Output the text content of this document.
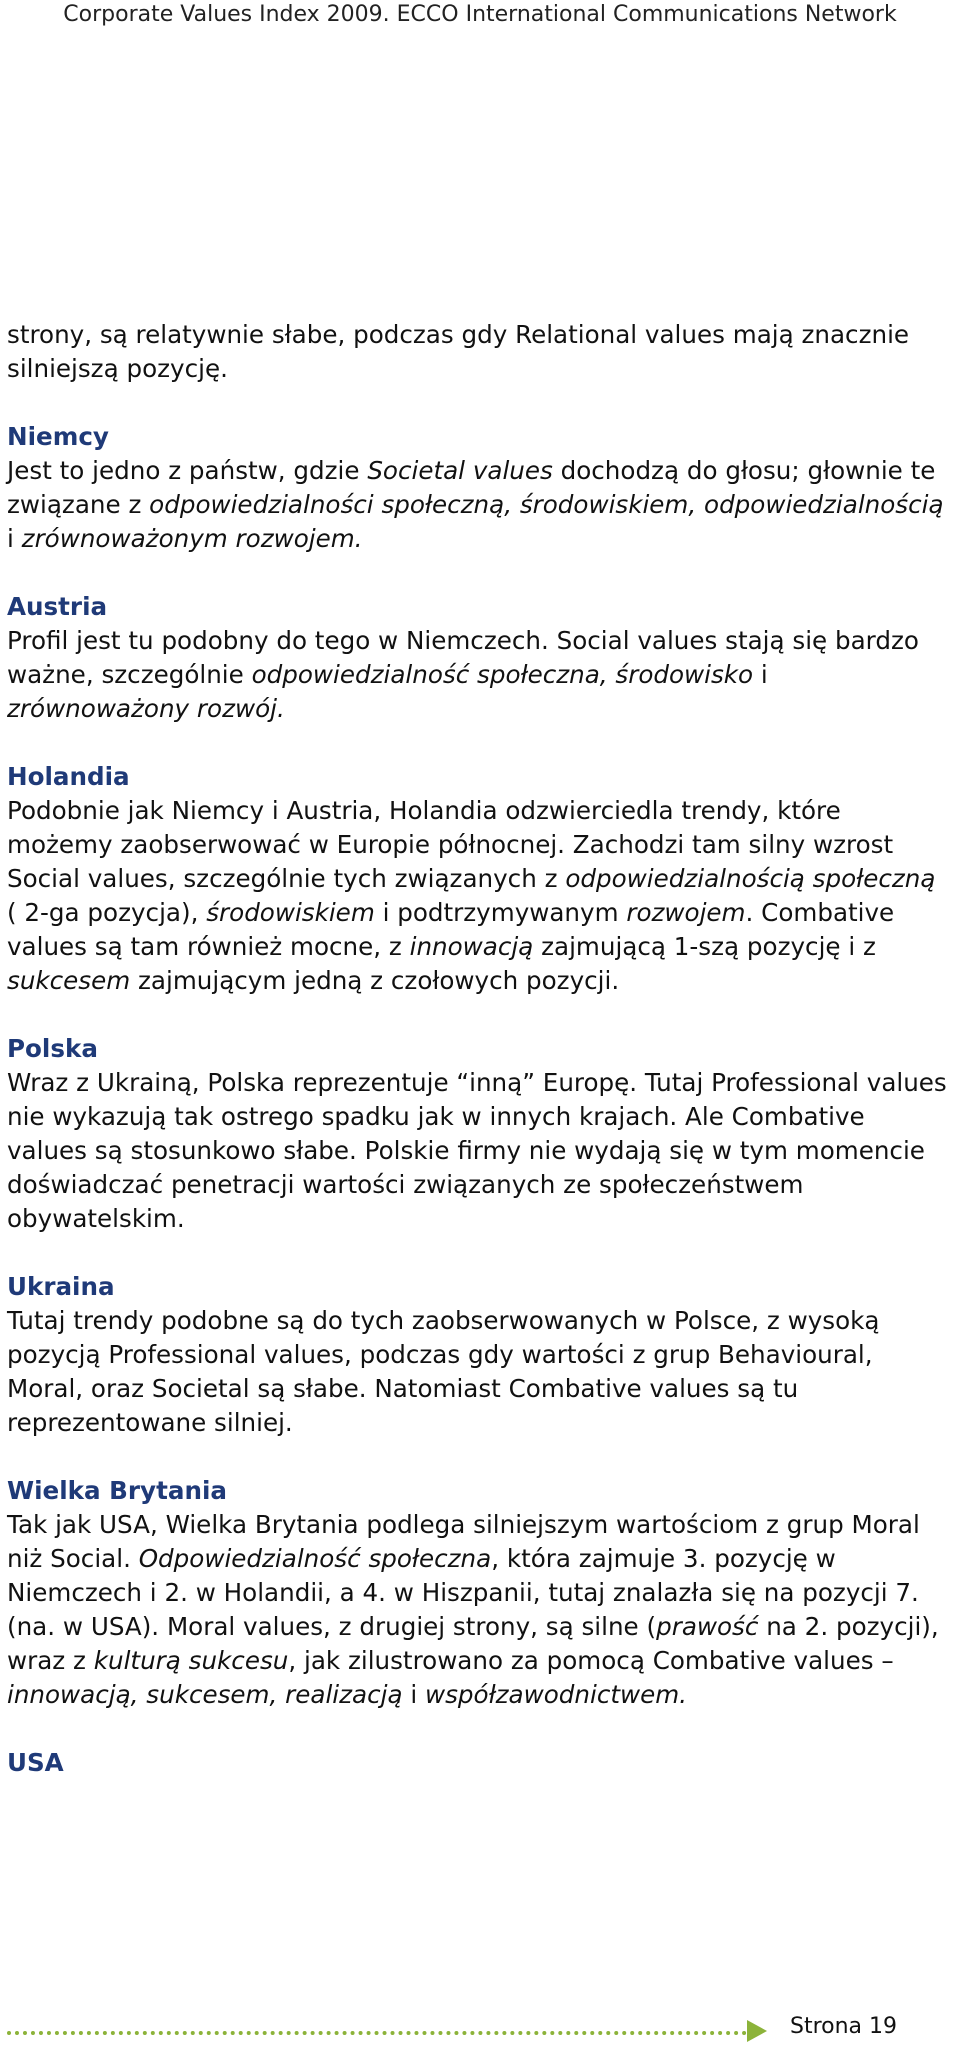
Corporate Values Index 2009. ECCO International Communications Network

strony, są relatywnie słabe, podczas gdy Relational values mają znacznie silniejszą pozycję.

Niemcy

Jest to jedno z państw, gdzie Societal values dochodzą do głosu; głownie te związane z odpowiedzialności społeczną, środowiskiem, odpowiedzialnością i zrównoważonym rozwojem.

Austria

Profil jest tu podobny do tego w Niemczech. Social values stają się bardzo ważne, szczególnie odpowiedzialność społeczna, środowisko i zrównoważony rozwój.

Holandia

Podobnie jak Niemcy i Austria, Holandia odzwierciedla trendy, które możemy zaobserwować w Europie północnej. Zachodzi tam silny wzrost Social values, szczególnie tych związanych z odpowiedzialnością społeczną ( 2-ga pozycja), środowiskiem i podtrzymywanym rozwojem. Combative values są tam również mocne, z innowacją zajmującą 1-szą pozycję i z sukcesem zajmującym jedną z czołowych pozycji.

Polska

Wraz z Ukrainą, Polska reprezentuje “inną” Europę. Tutaj Professional values nie wykazują tak ostrego spadku jak w innych krajach. Ale Combative values są stosunkowo słabe. Polskie firmy nie wydają się w tym momencie doświadczać penetracji wartości związanych ze społeczeństwem obywatelskim.

Ukraina

Tutaj trendy podobne są do tych zaobserwowanych w Polsce, z wysoką pozycją Professional values, podczas gdy wartości z grup Behavioural, Moral, oraz Societal są słabe. Natomiast Combative values są tu reprezentowane silniej.

Wielka Brytania

Tak jak USA, Wielka Brytania podlega silniejszym wartościom z grup Moral niż Social. Odpowiedzialność społeczna, która zajmuje 3. pozycję w Niemczech i 2. w Holandii, a 4. w Hiszpanii, tutaj znalazła się na pozycji 7. (na. w USA). Moral values, z drugiej strony, są silne (prawość na 2. pozycji), wraz z kulturą sukcesu, jak zilustrowano za pomocą Combative values – innowacją, sukcesem, realizacją i współzawodnictwem.

USA
Strona 19
